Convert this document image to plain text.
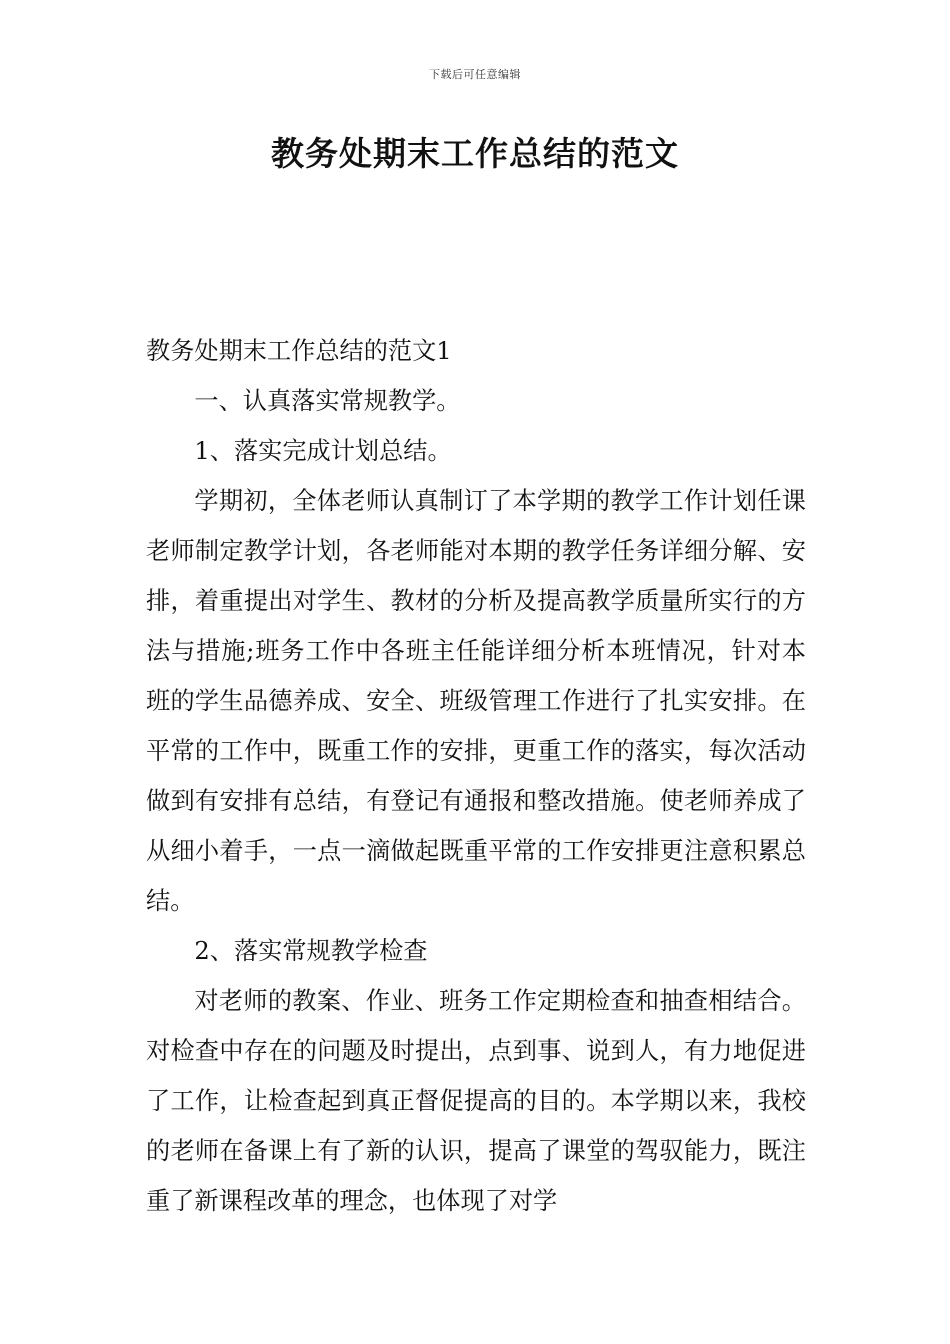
下载后可任意编辑
教务处期末工作总结的范文

教务处期末工作总结的范文1

一、认真落实常规教学。

1、落实完成计划总结。

学期初，全体老师认真制订了本学期的教学工作计划任课老师制定教学计划，各老师能对本期的教学任务详细分解、安排，着重提出对学生、教材的分析及提高教学质量所实行的方法与措施;班务工作中各班主任能详细分析本班情况，针对本班的学生品德养成、安全、班级管理工作进行了扎实安排。在平常的工作中，既重工作的安排，更重工作的落实，每次活动做到有安排有总结，有登记有通报和整改措施。使老师养成了从细小着手，一点一滴做起既重平常的工作安排更注意积累总结。

2、落实常规教学检查

对老师的教案、作业、班务工作定期检查和抽查相结合。对检查中存在的问题及时提出，点到事、说到人，有力地促进了工作，让检查起到真正督促提高的目的。本学期以来，我校的老师在备课上有了新的认识，提高了课堂的驾驭能力，既注重了新课程改革的理念，也体现了对学
